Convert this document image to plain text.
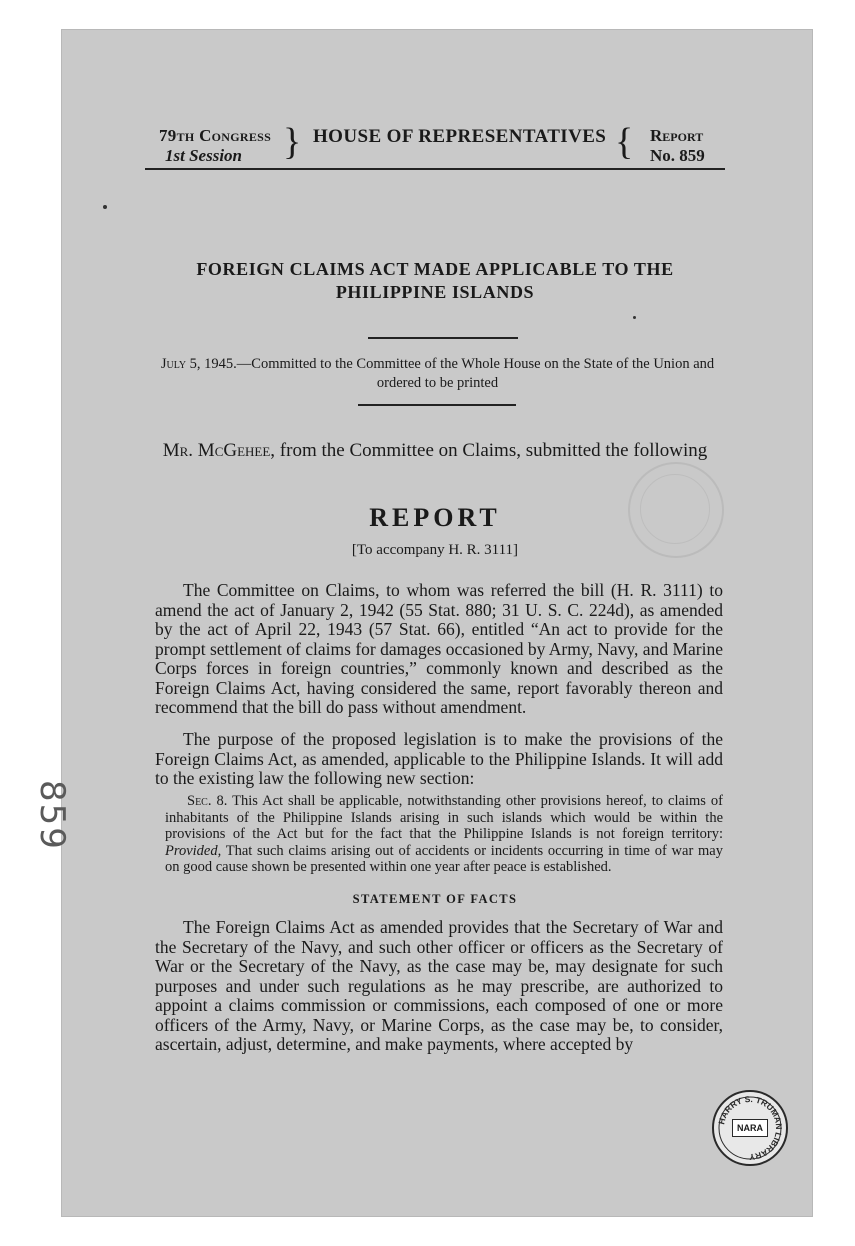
79th Congress
1st Session	} HOUSE OF REPRESENTATIVES { Report
No. 859
FOREIGN CLAIMS ACT MADE APPLICABLE TO THE
PHILIPPINE ISLANDS
July 5, 1945.—Committed to the Committee of the Whole House on the State of the Union and ordered to be printed
Mr. McGehee, from the Committee on Claims, submitted the following
REPORT
[To accompany H. R. 3111]
The Committee on Claims, to whom was referred the bill (H. R. 3111) to amend the act of January 2, 1942 (55 Stat. 880; 31 U. S. C. 224d), as amended by the act of April 22, 1943 (57 Stat. 66), entitled “An act to provide for the prompt settlement of claims for damages occasioned by Army, Navy, and Marine Corps forces in foreign countries,” commonly known and described as the Foreign Claims Act, having considered the same, report favorably thereon and recommend that the bill do pass without amendment.
The purpose of the proposed legislation is to make the provisions of the Foreign Claims Act, as amended, applicable to the Philippine Islands. It will add to the existing law the following new section:
Sec. 8. This Act shall be applicable, notwithstanding other provisions hereof, to claims of inhabitants of the Philippine Islands arising in such islands which would be within the provisions of the Act but for the fact that the Philippine Islands is not foreign territory: Provided, That such claims arising out of accidents or incidents occurring in time of war may on good cause shown be presented within one year after peace is established.
STATEMENT OF FACTS
The Foreign Claims Act as amended provides that the Secretary of War and the Secretary of the Navy, and such other officer or officers as the Secretary of War or the Secretary of the Navy, as the case may be, may designate for such purposes and under such regulations as he may prescribe, are authorized to appoint a claims commission or commissions, each composed of one or more officers of the Army, Navy, or Marine Corps, as the case may be, to consider, ascertain, adjust, determine, and make payments, where accepted by
859
HARRY S. TRUMAN LIBRARY
NARA
